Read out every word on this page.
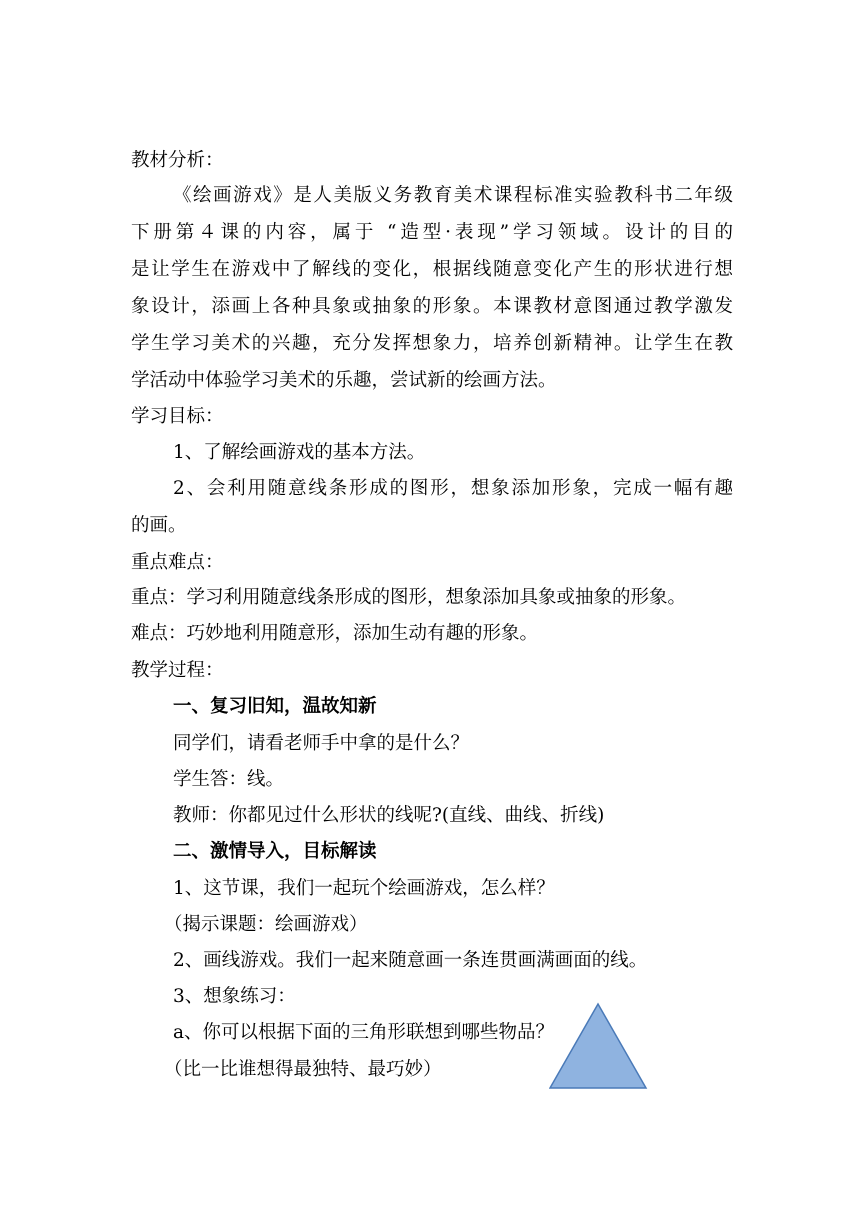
教材分析：
《绘画游戏》是人美版义务教育美术课程标准实验教科书二年级
下册第４课的内容，属于 “造型·表现”学习领域。设计的目的
是让学生在游戏中了解线的变化，根据线随意变化产生的形状进行想
象设计，添画上各种具象或抽象的形象。本课教材意图通过教学激发
学生学习美术的兴趣，充分发挥想象力，培养创新精神。让学生在教
学活动中体验学习美术的乐趣，尝试新的绘画方法。
学习目标：
1、了解绘画游戏的基本方法。
2、会利用随意线条形成的图形，想象添加形象，完成一幅有趣
的画。
重点难点：
重点：学习利用随意线条形成的图形，想象添加具象或抽象的形象。
难点：巧妙地利用随意形，添加生动有趣的形象。
教学过程：
一、复习旧知，温故知新
同学们，请看老师手中拿的是什么？
学生答：线。
教师：你都见过什么形状的线呢?(直线、曲线、折线)
二、激情导入，目标解读
1、这节课，我们一起玩个绘画游戏，怎么样？
（揭示课题：绘画游戏）
2、画线游戏。我们一起来随意画一条连贯画满画面的线。
3、想象练习：
a、你可以根据下面的三角形联想到哪些物品？
（比一比谁想得最独特、最巧妙）
